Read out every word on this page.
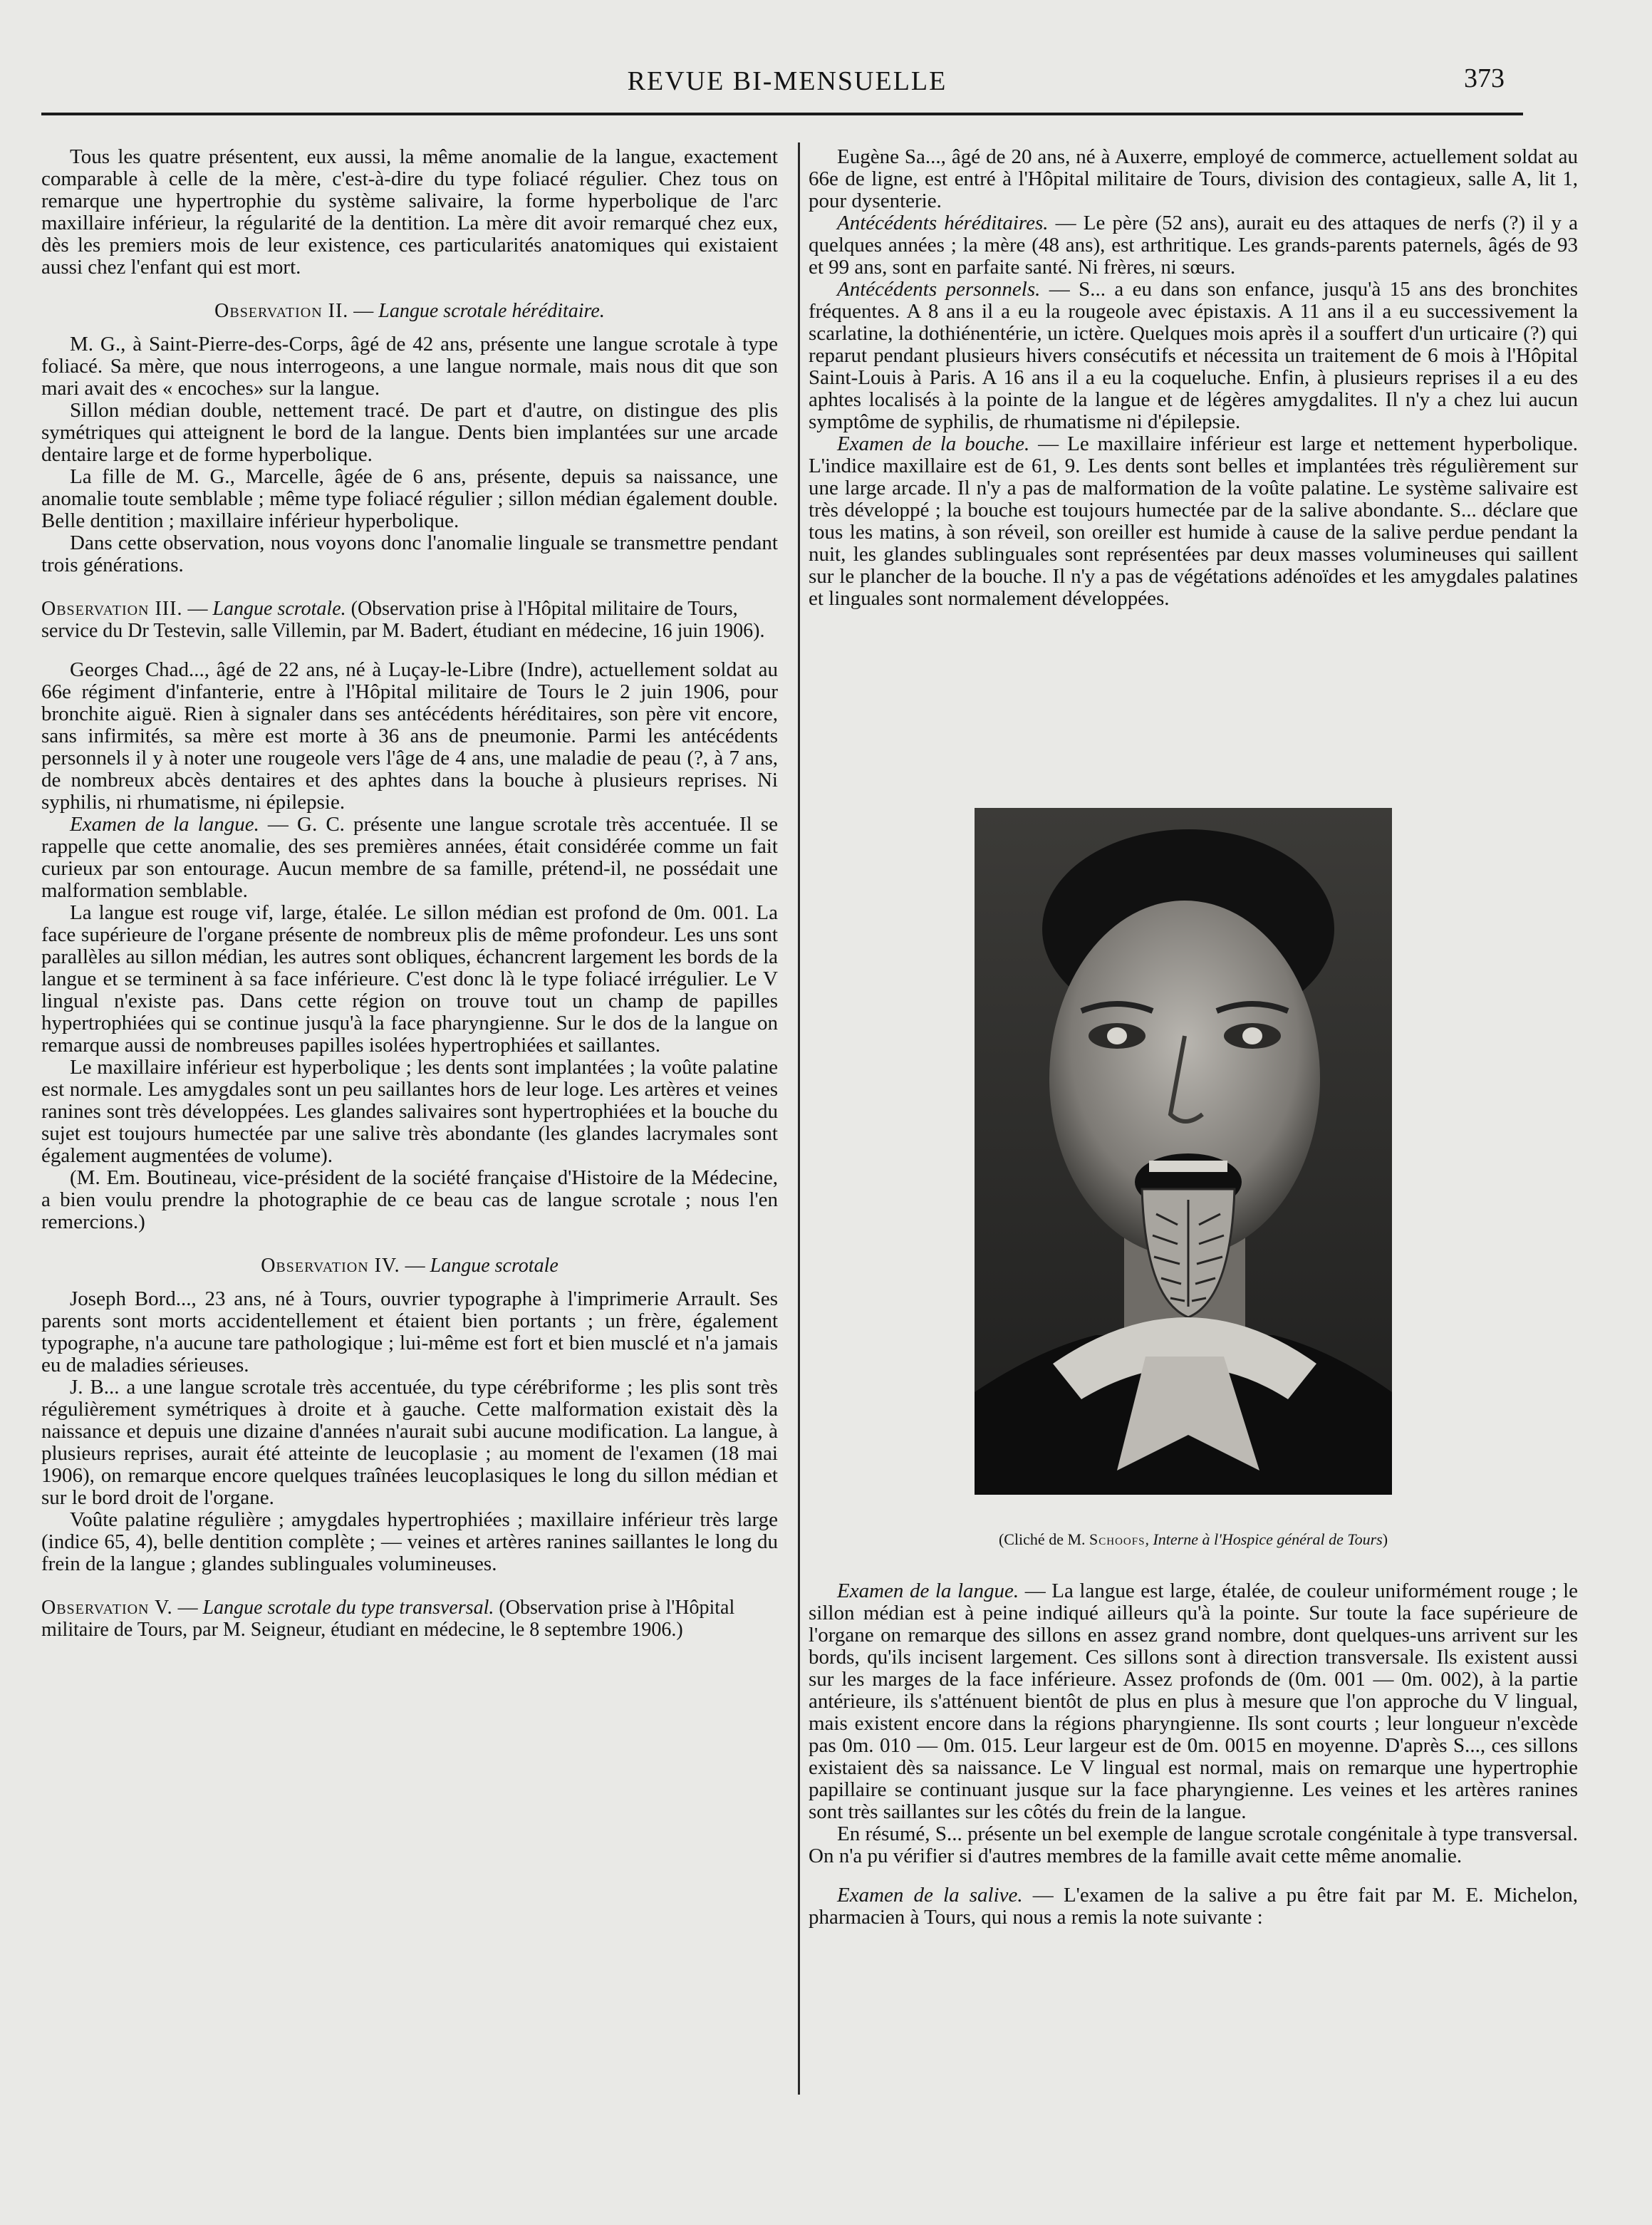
REVUE BI-MENSUELLE	373

Tous les quatre présentent, eux aussi, la même anomalie de la langue, exactement comparable à celle de la mère, c'est-à-dire du type foliacé régulier. Chez tous on remarque une hypertrophie du système salivaire, la forme hyperbolique de l'arc maxillaire inférieur, la régularité de la dentition. La mère dit avoir remarqué chez eux, dès les premiers mois de leur existence, ces particularités anatomiques qui existaient aussi chez l'enfant qui est mort.

Observation II. — Langue scrotale héréditaire.

M. G., à Saint-Pierre-des-Corps, âgé de 42 ans, présente une langue scrotale à type foliacé. Sa mère, que nous interrogeons, a une langue normale, mais nous dit que son mari avait des « encoches» sur la langue.

Sillon médian double, nettement tracé. De part et d'autre, on distingue des plis symétriques qui atteignent le bord de la langue. Dents bien implantées sur une arcade dentaire large et de forme hyperbolique.

La fille de M. G., Marcelle, âgée de 6 ans, présente, depuis sa naissance, une anomalie toute semblable ; même type foliacé régulier ; sillon médian également double. Belle dentition ; maxillaire inférieur hyperbolique.

Dans cette observation, nous voyons donc l'anomalie linguale se transmettre pendant trois générations.

Observation III. — Langue scrotale. (Observation prise à l'Hôpital militaire de Tours, service du Dr Testevin, salle Villemin, par M. Badert, étudiant en médecine, 16 juin 1906).

Georges Chad..., âgé de 22 ans, né à Luçay-le-Libre (Indre), actuellement soldat au 66e régiment d'infanterie, entre à l'Hôpital militaire de Tours le 2 juin 1906, pour bronchite aiguë. Rien à signaler dans ses antécédents héréditaires, son père vit encore, sans infirmités, sa mère est morte à 36 ans de pneumonie. Parmi les antécédents personnels il y à noter une rougeole vers l'âge de 4 ans, une maladie de peau (?, à 7 ans, de nombreux abcès dentaires et des aphtes dans la bouche à plusieurs reprises. Ni syphilis, ni rhumatisme, ni épilepsie.

Examen de la langue. — G. C. présente une langue scrotale très accentuée. Il se rappelle que cette anomalie, des ses premières années, était considérée comme un fait curieux par son entourage. Aucun membre de sa famille, prétend-il, ne possédait une malformation semblable.

La langue est rouge vif, large, étalée. Le sillon médian est profond de 0m. 001. La face supérieure de l'organe présente de nombreux plis de même profondeur. Les uns sont parallèles au sillon médian, les autres sont obliques, échancrent largement les bords de la langue et se terminent à sa face inférieure. C'est donc là le type foliacé irrégulier. Le V lingual n'existe pas. Dans cette région on trouve tout un champ de papilles hypertrophiées qui se continue jusqu'à la face pharyngienne. Sur le dos de la langue on remarque aussi de nombreuses papilles isolées hypertrophiées et saillantes.

Le maxillaire inférieur est hyperbolique ; les dents sont implantées ; la voûte palatine est normale. Les amygdales sont un peu saillantes hors de leur loge. Les artères et veines ranines sont très développées. Les glandes salivaires sont hypertrophiées et la bouche du sujet est toujours humectée par une salive très abondante (les glandes lacrymales sont également augmentées de volume).

(M. Em. Boutineau, vice-président de la société française d'Histoire de la Médecine, a bien voulu prendre la photographie de ce beau cas de langue scrotale ; nous l'en remercions.)

Observation IV. — Langue scrotale

Joseph Bord..., 23 ans, né à Tours, ouvrier typographe à l'imprimerie Arrault. Ses parents sont morts accidentellement et étaient bien portants ; un frère, également typographe, n'a aucune tare pathologique ; lui-même est fort et bien musclé et n'a jamais eu de maladies sérieuses.

J. B... a une langue scrotale très accentuée, du type cérébriforme ; les plis sont très régulièrement symétriques à droite et à gauche. Cette malformation existait dès la naissance et depuis une dizaine d'années n'aurait subi aucune modification. La langue, à plusieurs reprises, aurait été atteinte de leucoplasie ; au moment de l'examen (18 mai 1906), on remarque encore quelques traînées leucoplasiques le long du sillon médian et sur le bord droit de l'organe.

Voûte palatine régulière ; amygdales hypertrophiées ; maxillaire inférieur très large (indice 65, 4), belle dentition complète ; — veines et artères ranines saillantes le long du frein de la langue ; glandes sublinguales volumineuses.

Observation V. — Langue scrotale du type transversal. (Observation prise à l'Hôpital militaire de Tours, par M. Seigneur, étudiant en médecine, le 8 septembre 1906.)

Eugène Sa..., âgé de 20 ans, né à Auxerre, employé de commerce, actuellement soldat au 66e de ligne, est entré à l'Hôpital militaire de Tours, division des contagieux, salle A, lit 1, pour dysenterie.

Antécédents héréditaires. — Le père (52 ans), aurait eu des attaques de nerfs (?) il y a quelques années ; la mère (48 ans), est arthritique. Les grands-parents paternels, âgés de 93 et 99 ans, sont en parfaite santé. Ni frères, ni sœurs.

Antécédents personnels. — S... a eu dans son enfance, jusqu'à 15 ans des bronchites fréquentes. A 8 ans il a eu la rougeole avec épistaxis. A 11 ans il a eu successivement la scarlatine, la dothiénentérie, un ictère. Quelques mois après il a souffert d'un urticaire (?) qui reparut pendant plusieurs hivers consécutifs et nécessita un traitement de 6 mois à l'Hôpital Saint-Louis à Paris. A 16 ans il a eu la coqueluche. Enfin, à plusieurs reprises il a eu des aphtes localisés à la pointe de la langue et de légères amygdalites. Il n'y a chez lui aucun symptôme de syphilis, de rhumatisme ni d'épilepsie.

Examen de la bouche. — Le maxillaire inférieur est large et nettement hyperbolique. L'indice maxillaire est de 61, 9. Les dents sont belles et implantées très régulièrement sur une large arcade. Il n'y a pas de malformation de la voûte palatine. Le système salivaire est très développé ; la bouche est toujours humectée par de la salive abondante. S... déclare que tous les matins, à son réveil, son oreiller est humide à cause de la salive perdue pendant la nuit, les glandes sublinguales sont représentées par deux masses volumineuses qui saillent sur le plancher de la bouche. Il n'y a pas de végétations adénoïdes et les amygdales palatines et linguales sont normalement développées.

(Cliché de M. Schoofs, Interne à l'Hospice général de Tours)

Examen de la langue. — La langue est large, étalée, de couleur uniformément rouge ; le sillon médian est à peine indiqué ailleurs qu'à la pointe. Sur toute la face supérieure de l'organe on remarque des sillons en assez grand nombre, dont quelques-uns arrivent sur les bords, qu'ils incisent largement. Ces sillons sont à direction transversale. Ils existent aussi sur les marges de la face inférieure. Assez profonds de (0m. 001 — 0m. 002), à la partie antérieure, ils s'atténuent bientôt de plus en plus à mesure que l'on approche du V lingual, mais existent encore dans la régions pharyngienne. Ils sont courts ; leur longueur n'excède pas 0m. 010 — 0m. 015. Leur largeur est de 0m. 0015 en moyenne. D'après S..., ces sillons existaient dès sa naissance. Le V lingual est normal, mais on remarque une hypertrophie papillaire se continuant jusque sur la face pharyngienne. Les veines et les artères ranines sont très saillantes sur les côtés du frein de la langue.

En résumé, S... présente un bel exemple de langue scrotale congénitale à type transversal. On n'a pu vérifier si d'autres membres de la famille avait cette même anomalie.

Examen de la salive. — L'examen de la salive a pu être fait par M. E. Michelon, pharmacien à Tours, qui nous a remis la note suivante :
